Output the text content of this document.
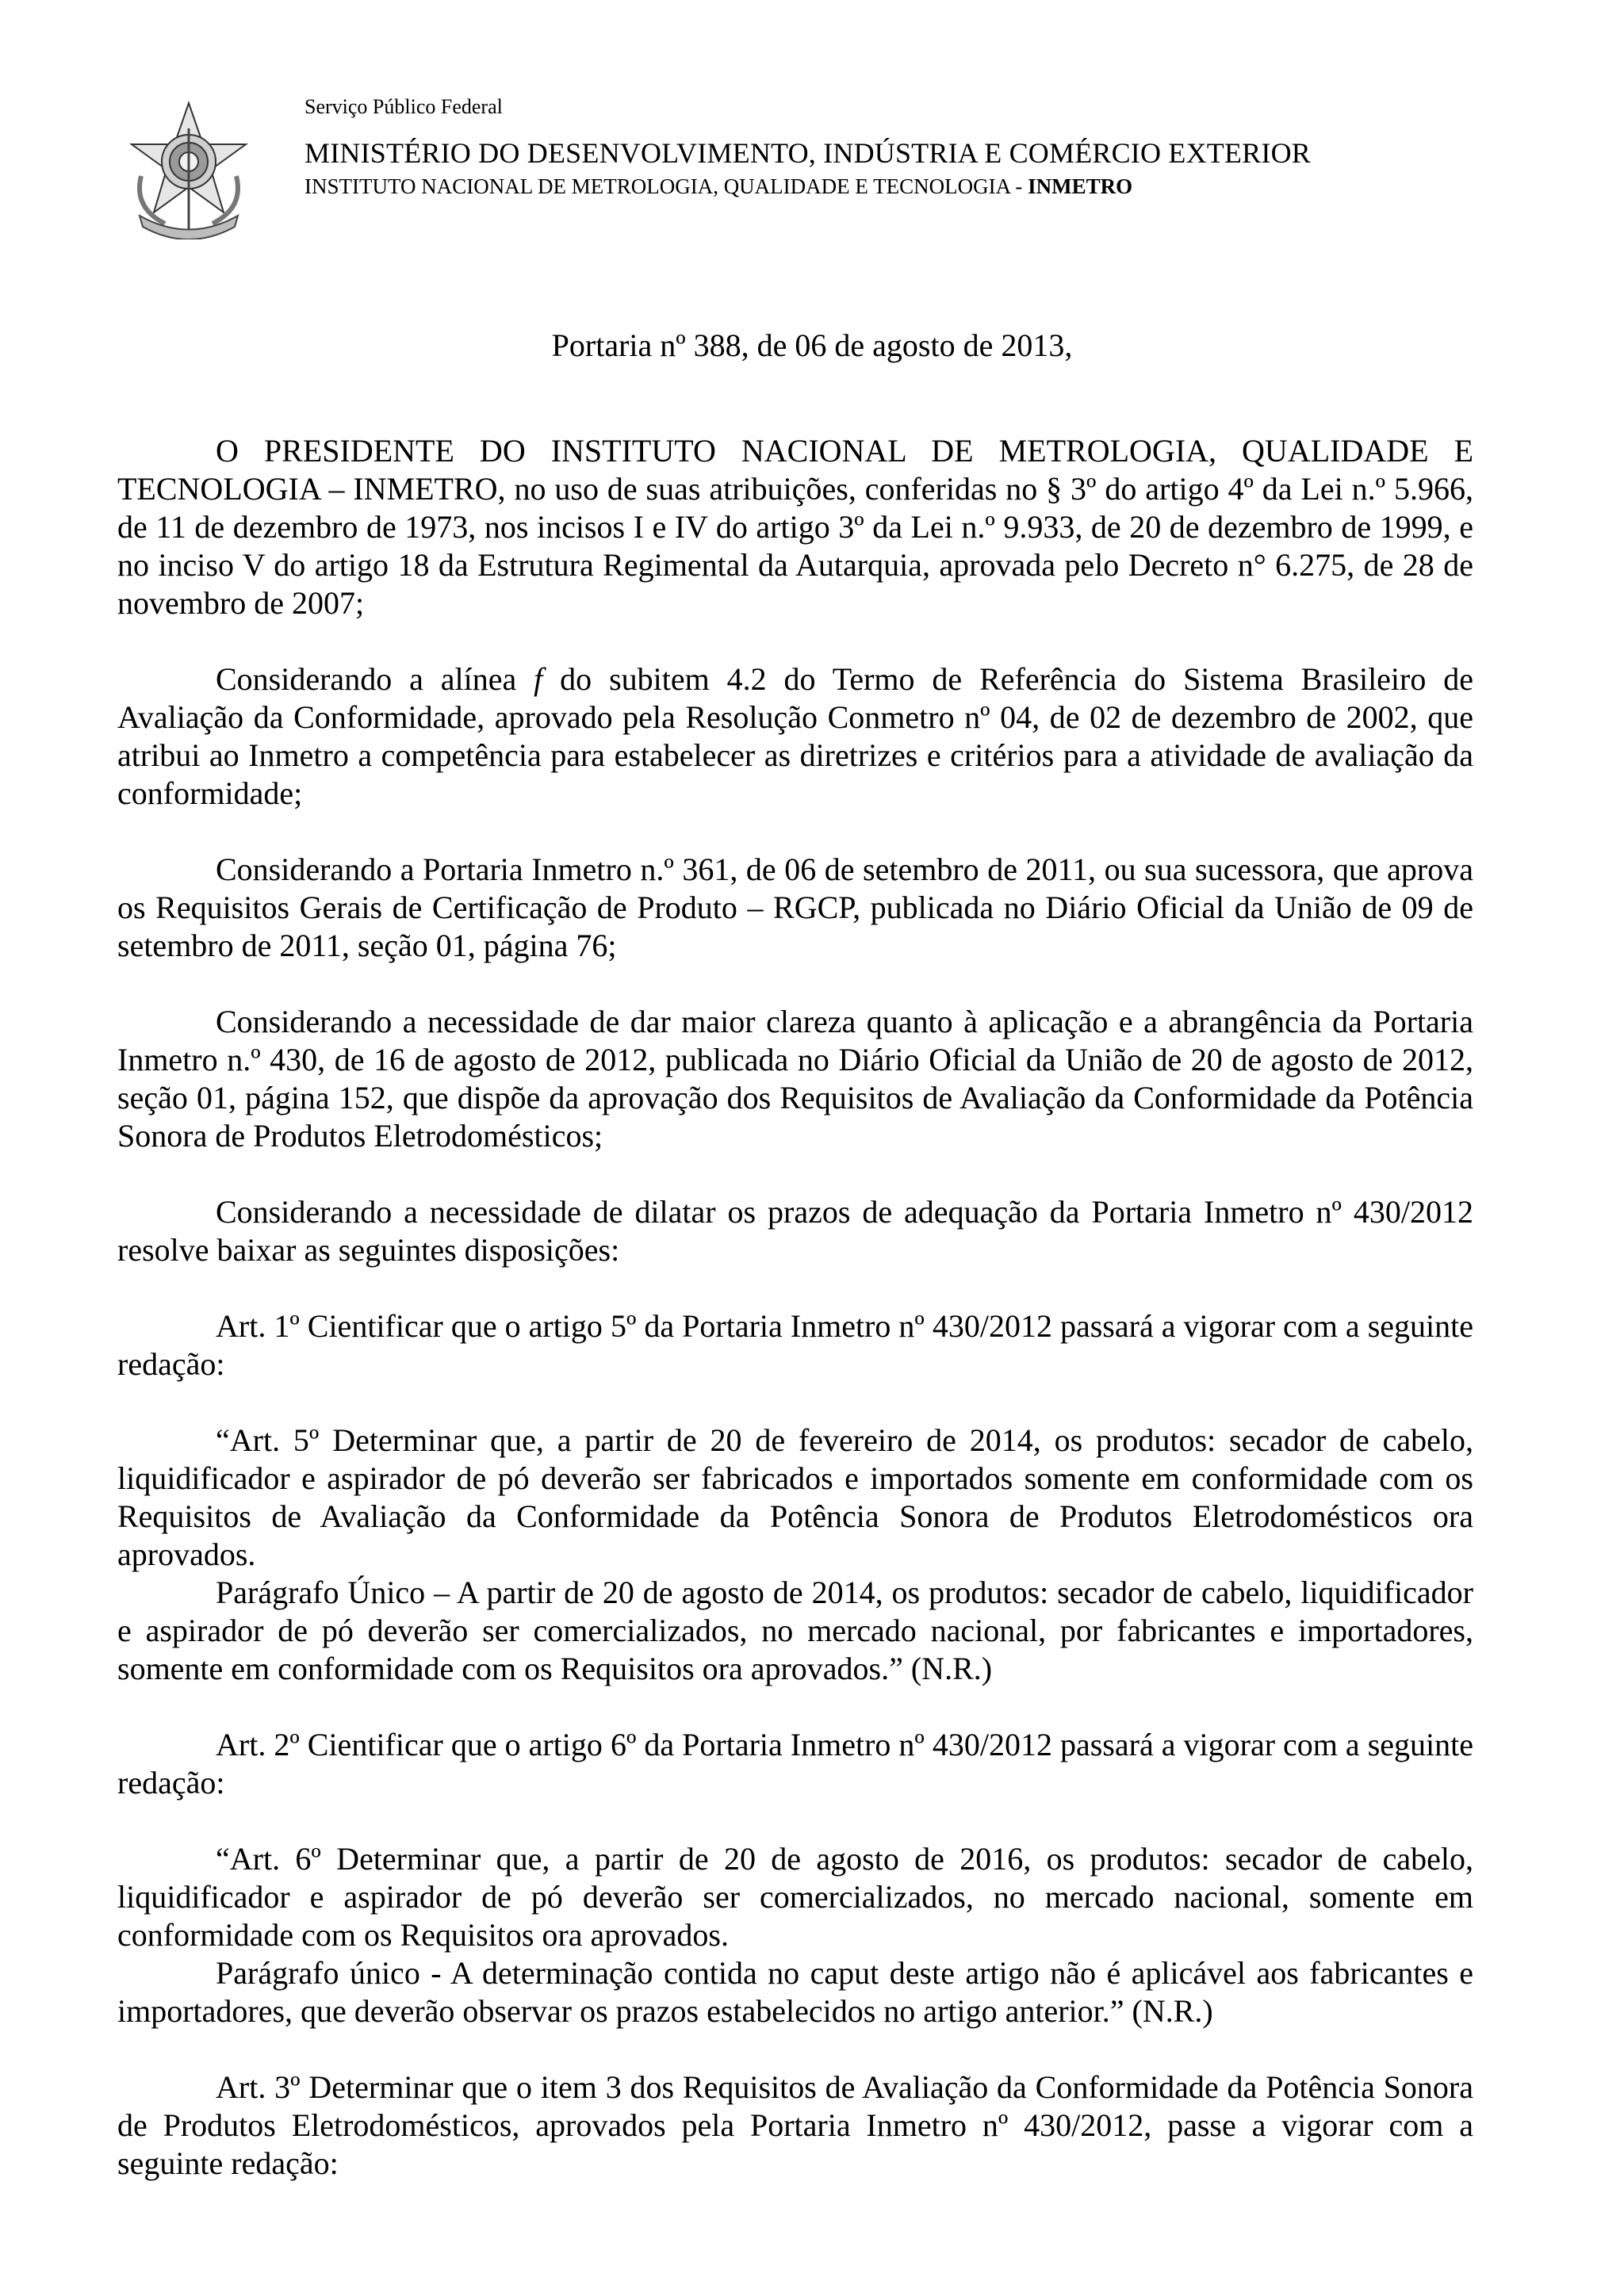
Serviço Público Federal
MINISTÉRIO DO DESENVOLVIMENTO, INDÚSTRIA E COMÉRCIO EXTERIOR
INSTITUTO NACIONAL DE METROLOGIA, QUALIDADE E TECNOLOGIA - INMETRO
Portaria nº 388, de 06 de agosto de 2013,

O PRESIDENTE DO INSTITUTO NACIONAL DE METROLOGIA, QUALIDADE E TECNOLOGIA – INMETRO, no uso de suas atribuições, conferidas no § 3º do artigo 4º da Lei n.º 5.966, de 11 de dezembro de 1973, nos incisos I e IV do artigo 3º da Lei n.º 9.933, de 20 de dezembro de 1999, e no inciso V do artigo 18 da Estrutura Regimental da Autarquia, aprovada pelo Decreto n° 6.275, de 28 de novembro de 2007;

Considerando a alínea f do subitem 4.2 do Termo de Referência do Sistema Brasileiro de Avaliação da Conformidade, aprovado pela Resolução Conmetro nº 04, de 02 de dezembro de 2002, que atribui ao Inmetro a competência para estabelecer as diretrizes e critérios para a atividade de avaliação da conformidade;

Considerando a Portaria Inmetro n.º 361, de 06 de setembro de 2011, ou sua sucessora, que aprova os Requisitos Gerais de Certificação de Produto – RGCP, publicada no Diário Oficial da União de 09 de setembro de 2011, seção 01, página 76;

Considerando a necessidade de dar maior clareza quanto à aplicação e a abrangência da Portaria Inmetro n.º 430, de 16 de agosto de 2012, publicada no Diário Oficial da União de 20 de agosto de 2012, seção 01, página 152, que dispõe da aprovação dos Requisitos de Avaliação da Conformidade da Potência Sonora de Produtos Eletrodomésticos;

Considerando a necessidade de dilatar os prazos de adequação da Portaria Inmetro nº 430/2012 resolve baixar as seguintes disposições:

Art. 1º Cientificar que o artigo 5º da Portaria Inmetro nº 430/2012 passará a vigorar com a seguinte redação:

“Art. 5º Determinar que, a partir de 20 de fevereiro de 2014, os produtos: secador de cabelo, liquidificador e aspirador de pó deverão ser fabricados e importados somente em conformidade com os Requisitos de Avaliação da Conformidade da Potência Sonora de Produtos Eletrodomésticos ora aprovados.

Parágrafo Único – A partir de 20 de agosto de 2014, os produtos: secador de cabelo, liquidificador e aspirador de pó deverão ser comercializados, no mercado nacional, por fabricantes e importadores, somente em conformidade com os Requisitos ora aprovados.” (N.R.)

Art. 2º Cientificar que o artigo 6º da Portaria Inmetro nº 430/2012 passará a vigorar com a seguinte redação:

“Art. 6º Determinar que, a partir de 20 de agosto de 2016, os produtos: secador de cabelo, liquidificador e aspirador de pó deverão ser comercializados, no mercado nacional, somente em conformidade com os Requisitos ora aprovados.

Parágrafo único - A determinação contida no caput deste artigo não é aplicável aos fabricantes e importadores, que deverão observar os prazos estabelecidos no artigo anterior.” (N.R.)

Art. 3º Determinar que o item 3 dos Requisitos de Avaliação da Conformidade da Potência Sonora de Produtos Eletrodomésticos, aprovados pela Portaria Inmetro nº 430/2012, passe a vigorar com a seguinte redação:
